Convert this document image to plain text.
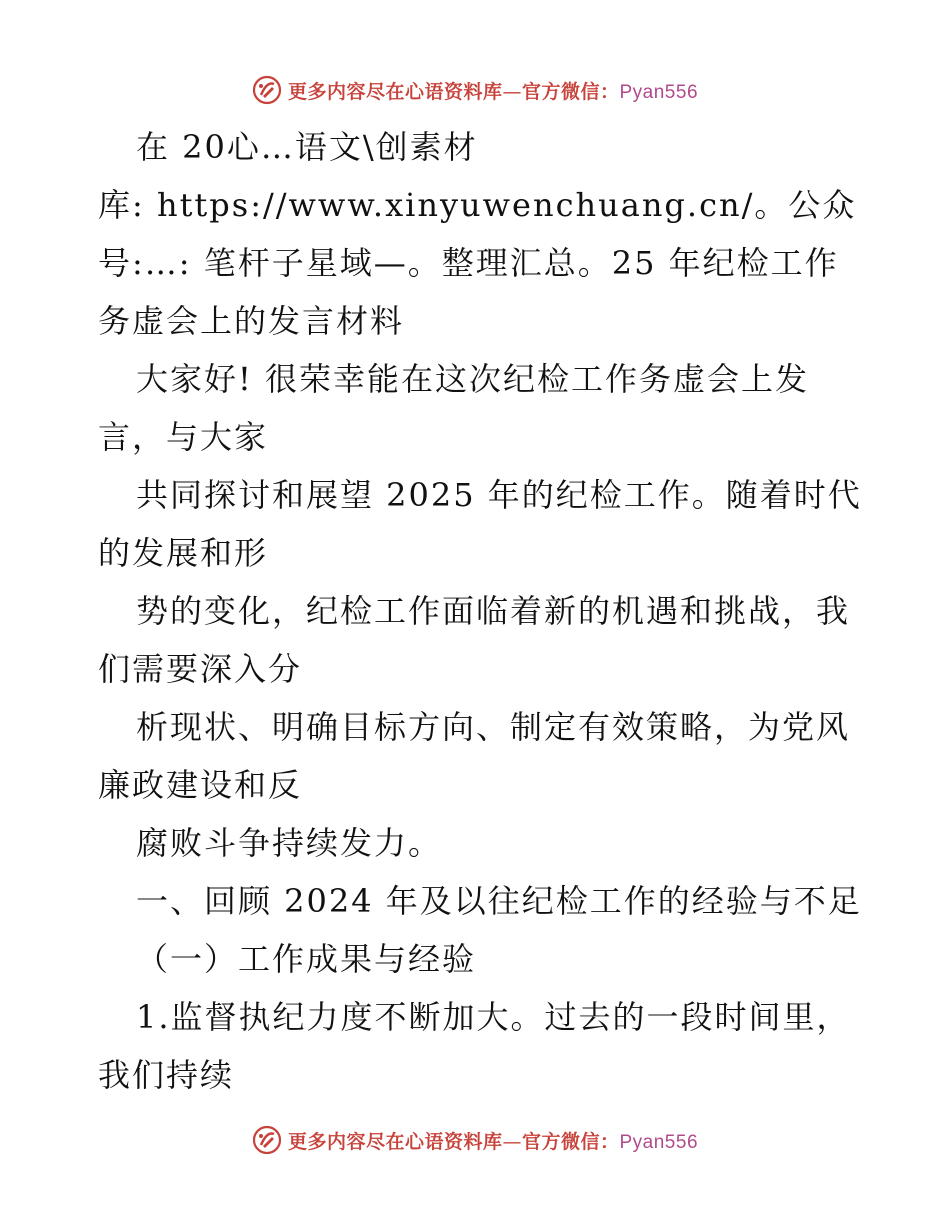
更多内容尽在心语资料库—官方微信：Pyan556
在 20心…语文\创素材
库: https://www.xinyuwenchuang.cn/。公众
号:…: 笔杆子星域—。整理汇总。25 年纪检工作
务虚会上的发言材料
大家好! 很荣幸能在这次纪检工作务虚会上发
言，与大家
共同探讨和展望 2025 年的纪检工作。随着时代
的发展和形
势的变化，纪检工作面临着新的机遇和挑战，我
们需要深入分
析现状、明确目标方向、制定有效策略，为党风
廉政建设和反
腐败斗争持续发力。
一、回顾 2024 年及以往纪检工作的经验与不足
（一）工作成果与经验
1.监督执纪力度不断加大。过去的一段时间里，
我们持续
更多内容尽在心语资料库—官方微信：Pyan556
